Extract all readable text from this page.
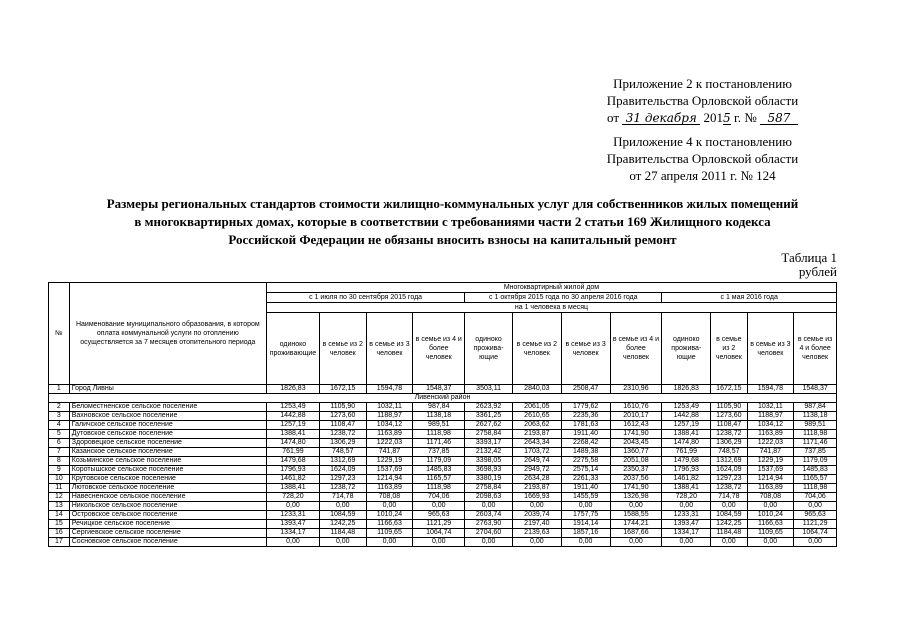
Приложение 2 к постановлению
Правительства Орловской области
от 31 декабря 2015 г. № 587
Приложение 4 к постановлению
Правительства Орловской области
от 27 апреля 2011 г. № 124
Размеры региональных стандартов стоимости жилищно-коммунальных услуг для собственников жилых помещений
в многоквартирных домах, которые в соответствии с требованиями части 2 статьи 169 Жилищного кодекса
Российской Федерации не обязаны вносить взносы на капитальный ремонт
Таблица 1
рублей
№	Наименование муниципального образования, в котором оплата коммунальной услуги по отоплению осуществляется за 7 месяцев отопительного периода	Многоквартирный жилой дом											
		с 1 июля по 30 сентября 2015 года				с 1 октября 2015 года по 30 апреля 2016 года				с 1 мая 2016 года			
		на 1 человека в месяц											
		одиноко проживающие	в семье из 2 человек	в семье из 3 человек	в семье из 4 и более человек	одиноко прожива-ющие	в семье из 2 человек	в семье из 3 человек	в семье из 4 и более человек	одиноко прожива-ющие	в семье из 2 человек	в семье из 3 человек	в семье из 4 и более человек
1	Город Ливны	1826,83	1672,15	1594,78	1548,37	3503,11	2840,03	2508,47	2310,96	1826,83	1672,15	1594,78	1548,37
Ливенский район													
2	Беломестненское сельское поселение	1253,49	1105,90	1032,11	987,84	2623,92	2061,05	1779,62	1610,76	1253,49	1105,90	1032,11	987,84
3	Вахновское сельское поселение	1442,88	1273,60	1188,97	1138,18	3361,25	2610,65	2235,36	2010,17	1442,88	1273,60	1188,97	1138,18
4	Галичское сельское поселение	1257,19	1108,47	1034,12	989,51	2627,62	2063,62	1781,63	1612,43	1257,19	1108,47	1034,12	989,51
5	Дутовское сельское поселение	1388,41	1238,72	1163,89	1118,98	2758,84	2193,87	1911,40	1741,90	1388,41	1238,72	1163,89	1118,98
6	Здоровецкое сельское поселение	1474,80	1306,29	1222,03	1171,46	3393,17	2643,34	2268,42	2043,45	1474,80	1306,29	1222,03	1171,46
7	Казанское сельское поселение	761,99	748,57	741,87	737,85	2132,42	1703,72	1489,38	1360,77	761,99	748,57	741,87	737,85
8	Козьминское сельское поселение	1479,68	1312,69	1229,19	1179,09	3398,05	2649,74	2275,58	2051,08	1479,68	1312,69	1229,19	1179,09
9	Коротышское сельское поселение	1796,93	1624,09	1537,69	1485,83	3698,93	2949,72	2575,14	2350,37	1796,93	1624,09	1537,69	1485,83
10	Крутовское сельское поселение	1461,82	1297,23	1214,94	1165,57	3380,19	2634,28	2261,33	2037,56	1461,82	1297,23	1214,94	1165,57
11	Лютовское сельское поселение	1388,41	1238,72	1163,89	1118,98	2758,84	2193,87	1911,40	1741,90	1388,41	1238,72	1163,89	1118,98
12	Навесненское сельское поселение	728,20	714,78	708,08	704,06	2098,63	1669,93	1455,59	1326,98	728,20	714,78	708,08	704,06
13	Никольское сельское поселение	0,00	0,00	0,00	0,00	0,00	0,00	0,00	0,00	0,00	0,00	0,00	0,00
14	Островское сельское поселение	1233,31	1084,59	1010,24	965,63	2603,74	2039,74	1757,75	1588,55	1233,31	1084,59	1010,24	965,63
15	Речицкое сельское поселение	1393,47	1242,25	1166,63	1121,29	2763,90	2197,40	1914,14	1744,21	1393,47	1242,25	1166,63	1121,29
16	Сергиевское сельское поселение	1334,17	1184,48	1109,65	1064,74	2704,60	2139,63	1857,16	1687,66	1334,17	1184,48	1109,65	1064,74
17	Сосновское сельское поселение	0,00	0,00	0,00	0,00	0,00	0,00	0,00	0,00	0,00	0,00	0,00	0,00
